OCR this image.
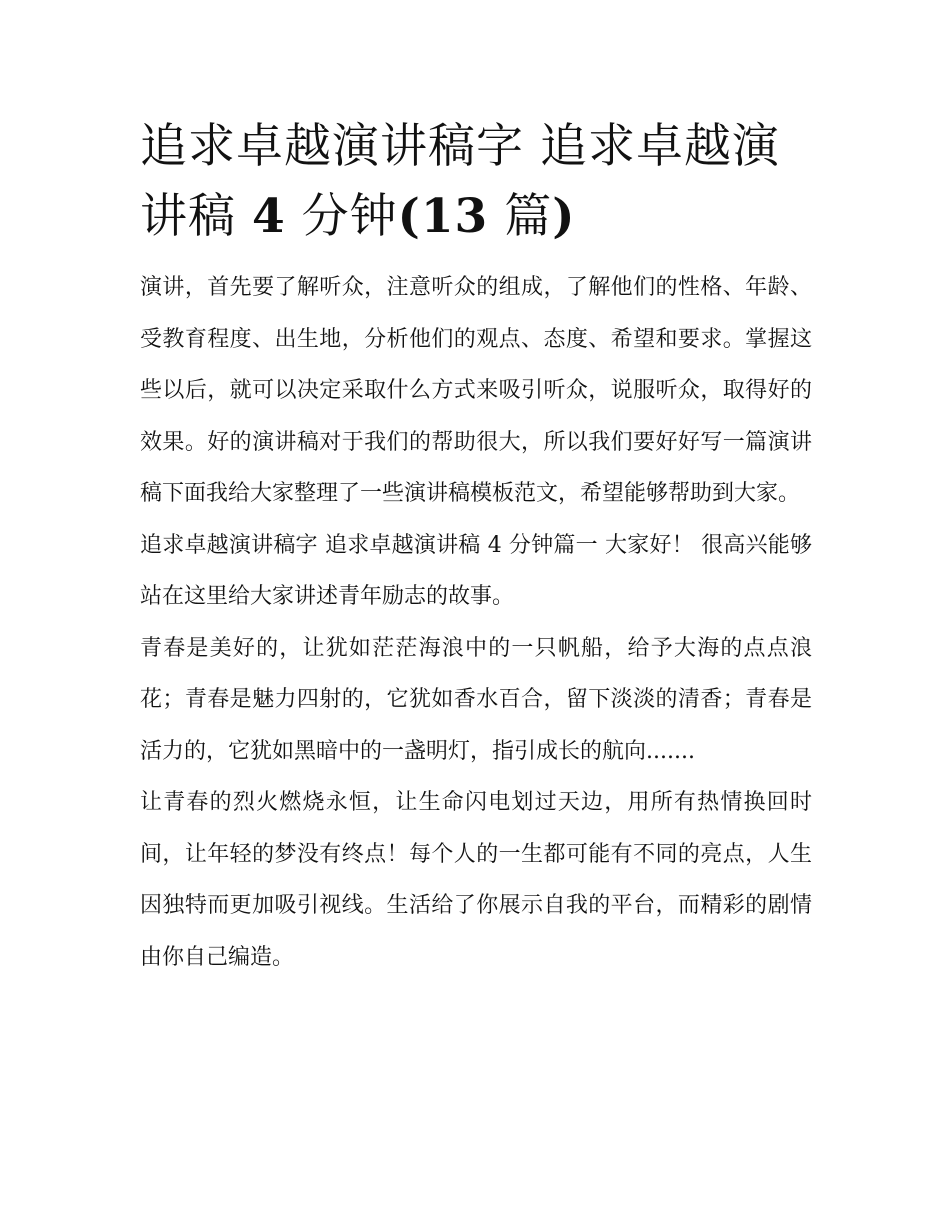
追求卓越演讲稿字 追求卓越演讲稿 4 分钟(13 篇)

演讲，首先要了解听众，注意听众的组成，了解他们的性格、年龄、受教育程度、出生地，分析他们的观点、态度、希望和要求。掌握这些以后，就可以决定采取什么方式来吸引听众，说服听众，取得好的效果。好的演讲稿对于我们的帮助很大，所以我们要好好写一篇演讲稿下面我给大家整理了一些演讲稿模板范文，希望能够帮助到大家。

追求卓越演讲稿字 追求卓越演讲稿 4 分钟篇一 大家好！ 很高兴能够站在这里给大家讲述青年励志的故事。

青春是美好的，让犹如茫茫海浪中的一只帆船，给予大海的点点浪花；青春是魅力四射的，它犹如香水百合，留下淡淡的清香；青春是活力的，它犹如黑暗中的一盏明灯，指引成长的航向.......

让青春的烈火燃烧永恒，让生命闪电划过天边，用所有热情换回时间，让年轻的梦没有终点！每个人的一生都可能有不同的亮点，人生因独特而更加吸引视线。生活给了你展示自我的平台，而精彩的剧情由你自己编造。
